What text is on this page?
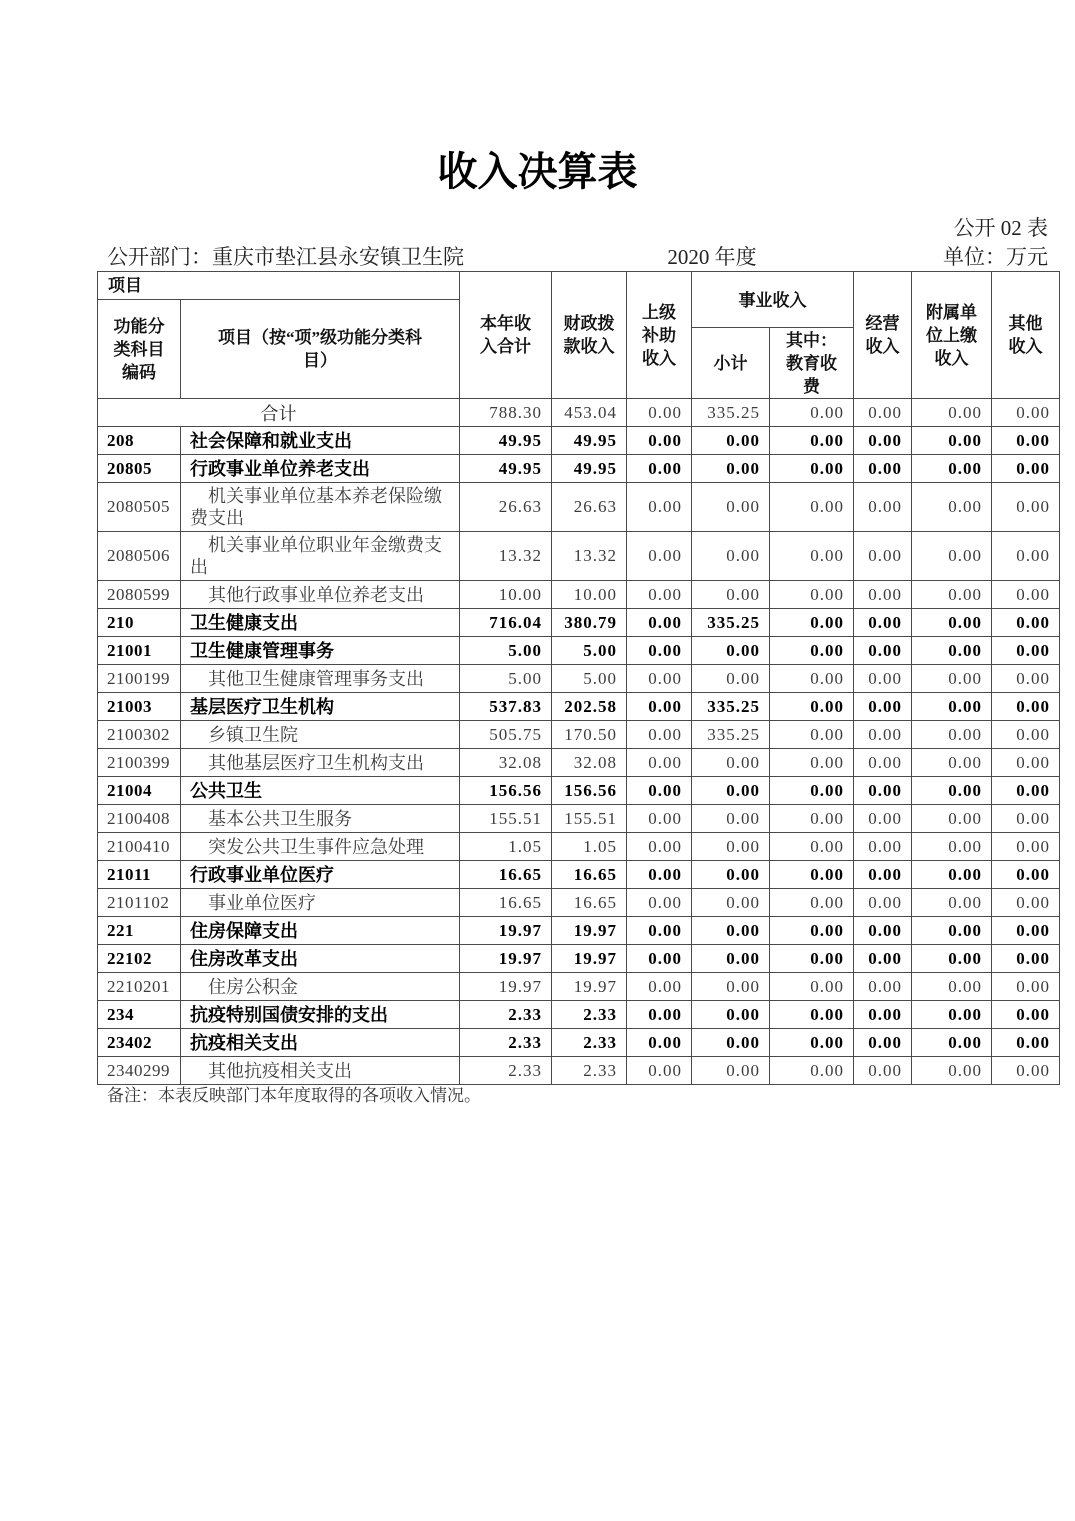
收入决算表
公开 02 表
公开部门：重庆市垫江县永安镇卫生院	2020 年度	单位：万元
项目		本年收入合计	财政拨款收入	上级补助收入	事业收入		经营收入	附属单位上缴收入	其他收入
功能分类科目编码	项目（按“项”级功能分类科目）								
					小计	其中：教育收费			
合计		788.30	453.04	0.00	335.25	0.00	0.00	0.00	0.00
208	社会保障和就业支出	49.95	49.95	0.00	0.00	0.00	0.00	0.00	0.00
20805	行政事业单位养老支出	49.95	49.95	0.00	0.00	0.00	0.00	0.00	0.00
2080505	机关事业单位基本养老保险缴费支出	26.63	26.63	0.00	0.00	0.00	0.00	0.00	0.00
2080506	机关事业单位职业年金缴费支出	13.32	13.32	0.00	0.00	0.00	0.00	0.00	0.00
2080599	其他行政事业单位养老支出	10.00	10.00	0.00	0.00	0.00	0.00	0.00	0.00
210	卫生健康支出	716.04	380.79	0.00	335.25	0.00	0.00	0.00	0.00
21001	卫生健康管理事务	5.00	5.00	0.00	0.00	0.00	0.00	0.00	0.00
2100199	其他卫生健康管理事务支出	5.00	5.00	0.00	0.00	0.00	0.00	0.00	0.00
21003	基层医疗卫生机构	537.83	202.58	0.00	335.25	0.00	0.00	0.00	0.00
2100302	乡镇卫生院	505.75	170.50	0.00	335.25	0.00	0.00	0.00	0.00
2100399	其他基层医疗卫生机构支出	32.08	32.08	0.00	0.00	0.00	0.00	0.00	0.00
21004	公共卫生	156.56	156.56	0.00	0.00	0.00	0.00	0.00	0.00
2100408	基本公共卫生服务	155.51	155.51	0.00	0.00	0.00	0.00	0.00	0.00
2100410	突发公共卫生事件应急处理	1.05	1.05	0.00	0.00	0.00	0.00	0.00	0.00
21011	行政事业单位医疗	16.65	16.65	0.00	0.00	0.00	0.00	0.00	0.00
2101102	事业单位医疗	16.65	16.65	0.00	0.00	0.00	0.00	0.00	0.00
221	住房保障支出	19.97	19.97	0.00	0.00	0.00	0.00	0.00	0.00
22102	住房改革支出	19.97	19.97	0.00	0.00	0.00	0.00	0.00	0.00
2210201	住房公积金	19.97	19.97	0.00	0.00	0.00	0.00	0.00	0.00
234	抗疫特别国债安排的支出	2.33	2.33	0.00	0.00	0.00	0.00	0.00	0.00
23402	抗疫相关支出	2.33	2.33	0.00	0.00	0.00	0.00	0.00	0.00
2340299	其他抗疫相关支出	2.33	2.33	0.00	0.00	0.00	0.00	0.00	0.00
备注：本表反映部门本年度取得的各项收入情况。
